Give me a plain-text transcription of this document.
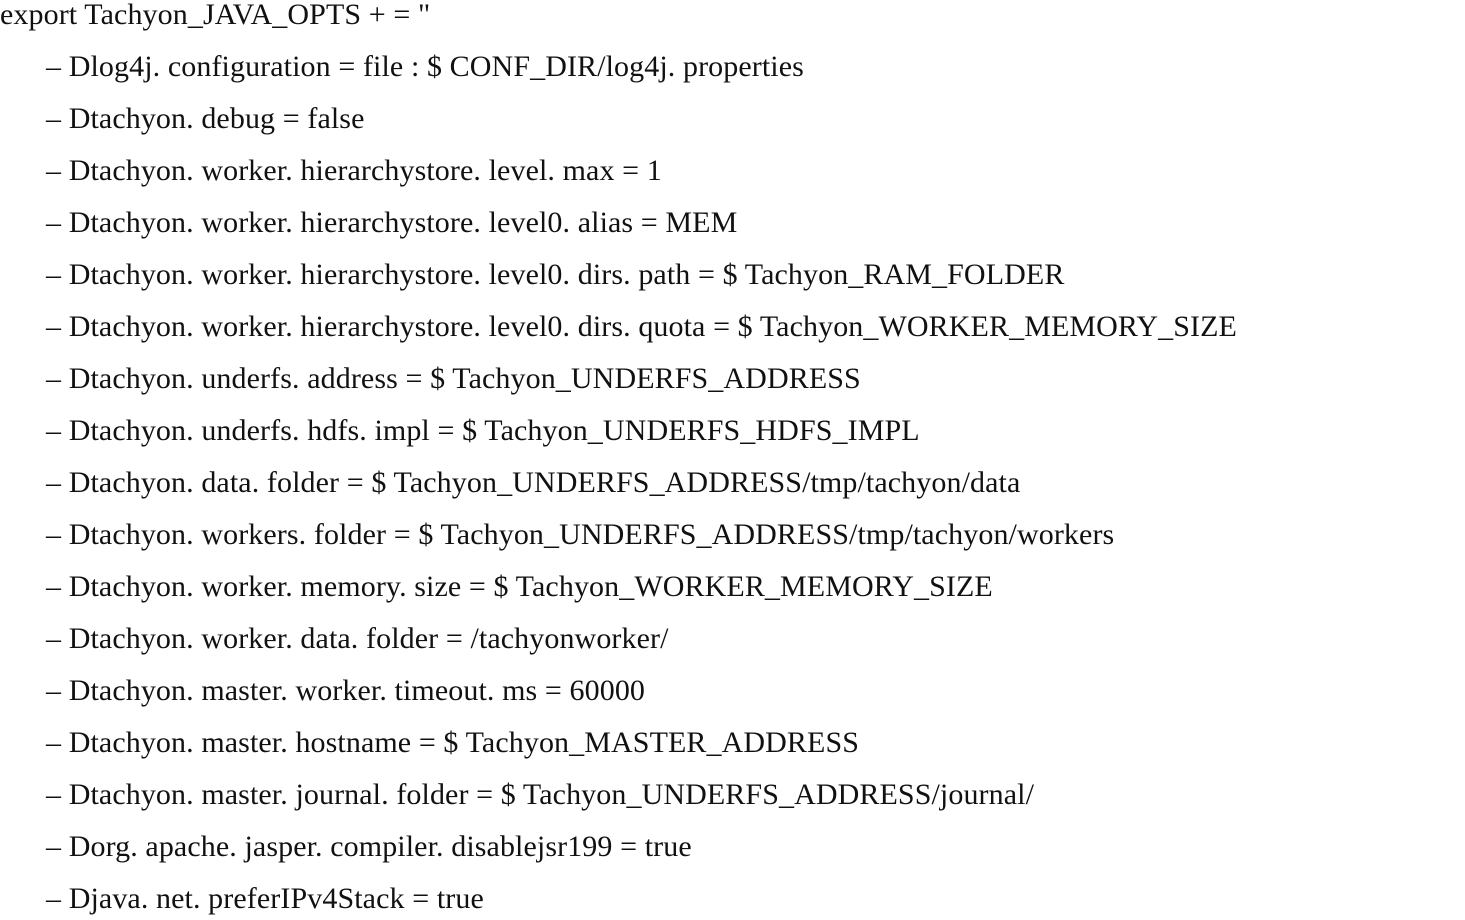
export Tachyon_JAVA_OPTS + = "
– Dlog4j. configuration = file : $ CONF_DIR/log4j. properties
– Dtachyon. debug = false
– Dtachyon. worker. hierarchystore. level. max = 1
– Dtachyon. worker. hierarchystore. level0. alias = MEM
– Dtachyon. worker. hierarchystore. level0. dirs. path = $ Tachyon_RAM_FOLDER
– Dtachyon. worker. hierarchystore. level0. dirs. quota = $ Tachyon_WORKER_MEMORY_SIZE
– Dtachyon. underfs. address = $ Tachyon_UNDERFS_ADDRESS
– Dtachyon. underfs. hdfs. impl = $ Tachyon_UNDERFS_HDFS_IMPL
– Dtachyon. data. folder = $ Tachyon_UNDERFS_ADDRESS/tmp/tachyon/data
– Dtachyon. workers. folder = $ Tachyon_UNDERFS_ADDRESS/tmp/tachyon/workers
– Dtachyon. worker. memory. size = $ Tachyon_WORKER_MEMORY_SIZE
– Dtachyon. worker. data. folder = /tachyonworker/
– Dtachyon. master. worker. timeout. ms = 60000
– Dtachyon. master. hostname = $ Tachyon_MASTER_ADDRESS
– Dtachyon. master. journal. folder = $ Tachyon_UNDERFS_ADDRESS/journal/
– Dorg. apache. jasper. compiler. disablejsr199 = true
– Djava. net. preferIPv4Stack = true
